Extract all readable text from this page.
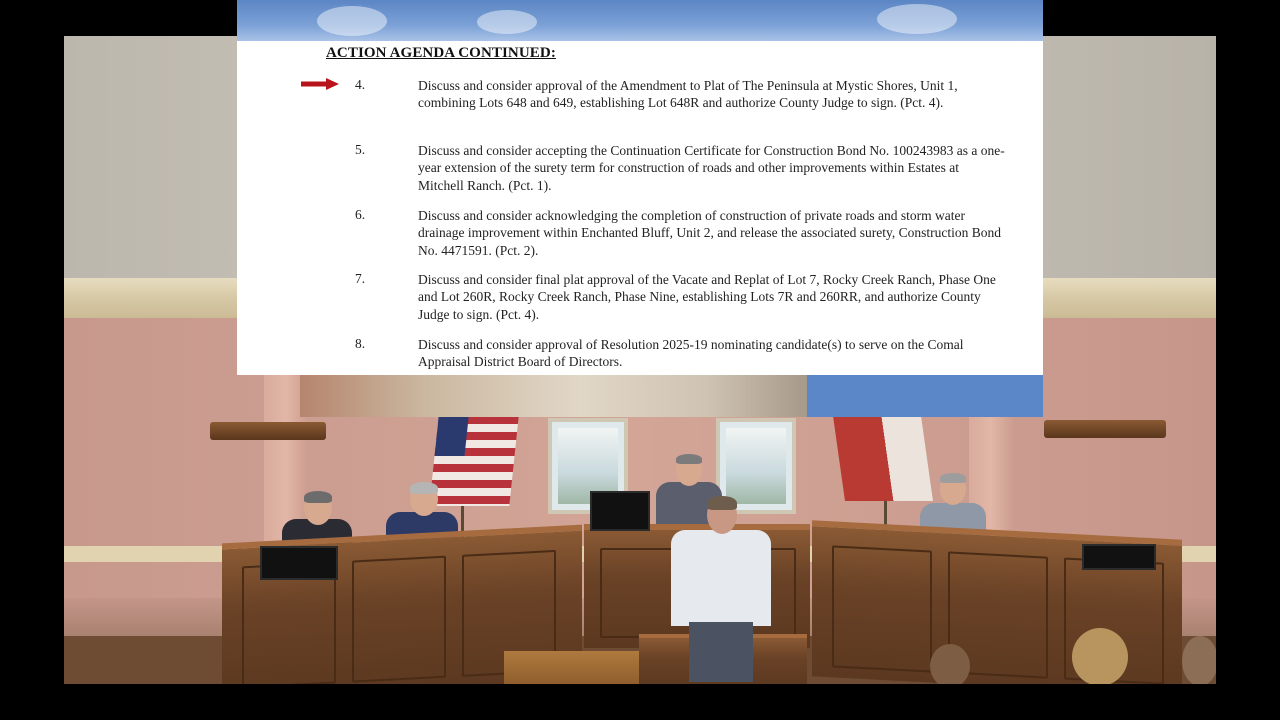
ACTION AGENDA CONTINUED:
4.	Discuss and consider approval of the Amendment to Plat of The Peninsula at Mystic Shores, Unit 1, combining Lots 648 and 649, establishing Lot 648R and authorize County Judge to sign. (Pct. 4).
5.	Discuss and consider accepting the Continuation Certificate for Construction Bond No. 100243983 as a one-year extension of the surety term for construction of roads and other improvements within Estates at Mitchell Ranch. (Pct. 1).
6.	Discuss and consider acknowledging the completion of construction of private roads and storm water drainage improvement within Enchanted Bluff, Unit 2, and release the associated surety, Construction Bond No. 4471591. (Pct. 2).
7.	Discuss and consider final plat approval of the Vacate and Replat of Lot 7, Rocky Creek Ranch, Phase One and Lot 260R, Rocky Creek Ranch, Phase Nine, establishing Lots 7R and 260RR, and authorize County Judge to sign. (Pct. 4).
8.	Discuss and consider approval of Resolution 2025-19 nominating candidate(s) to serve on the Comal Appraisal District Board of Directors.
